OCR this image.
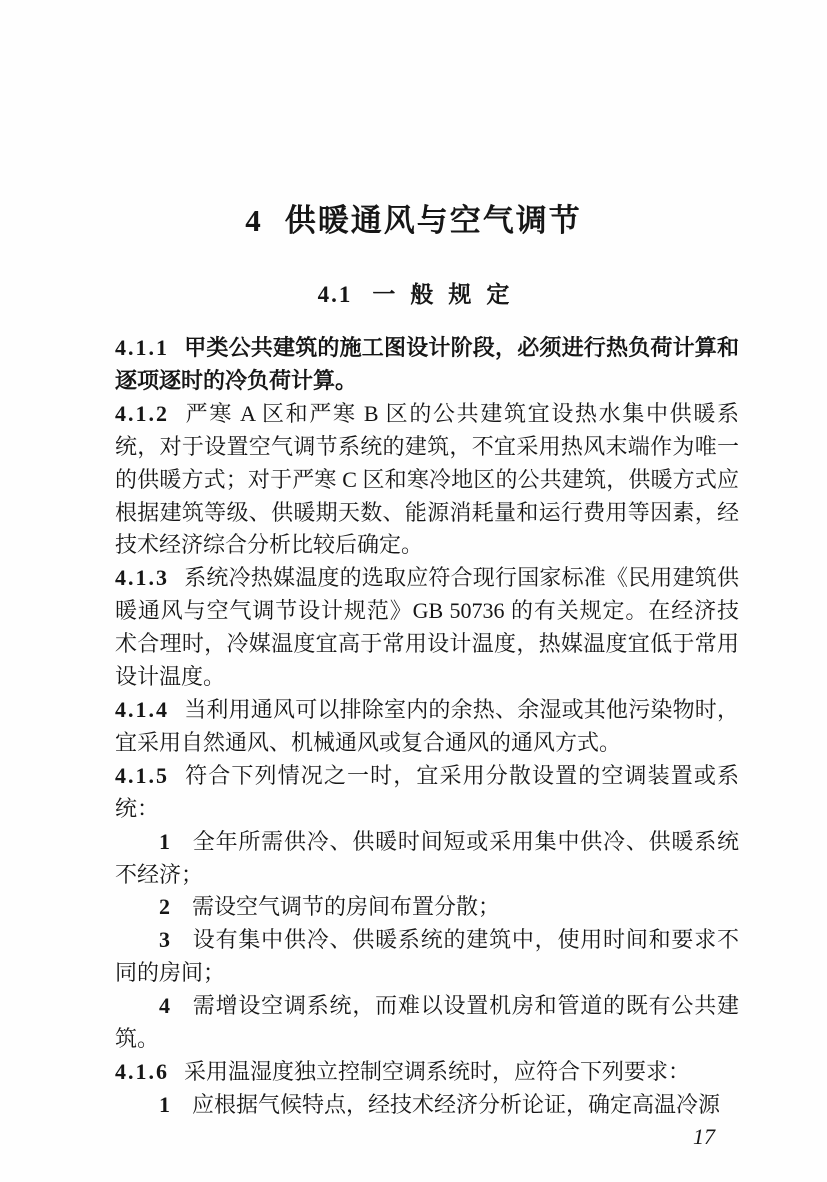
4 供暖通风与空气调节
4.1 一般规定

4.1.1 甲类公共建筑的施工图设计阶段，必须进行热负荷计算和逐项逐时的冷负荷计算。

4.1.2 严寒 A 区和严寒 B 区的公共建筑宜设热水集中供暖系统，对于设置空气调节系统的建筑，不宜采用热风末端作为唯一的供暖方式；对于严寒 C 区和寒冷地区的公共建筑，供暖方式应根据建筑等级、供暖期天数、能源消耗量和运行费用等因素，经技术经济综合分析比较后确定。

4.1.3 系统冷热媒温度的选取应符合现行国家标准《民用建筑供暖通风与空气调节设计规范》GB 50736 的有关规定。在经济技术合理时，冷媒温度宜高于常用设计温度，热媒温度宜低于常用设计温度。

4.1.4 当利用通风可以排除室内的余热、余湿或其他污染物时，宜采用自然通风、机械通风或复合通风的通风方式。

4.1.5 符合下列情况之一时，宜采用分散设置的空调装置或系统：

1 全年所需供冷、供暖时间短或采用集中供冷、供暖系统不经济；

2 需设空气调节的房间布置分散；

3 设有集中供冷、供暖系统的建筑中，使用时间和要求不同的房间；

4 需增设空调系统，而难以设置机房和管道的既有公共建筑。

4.1.6 采用温湿度独立控制空调系统时，应符合下列要求：

1 应根据气候特点，经技术经济分析论证，确定高温冷源

17
